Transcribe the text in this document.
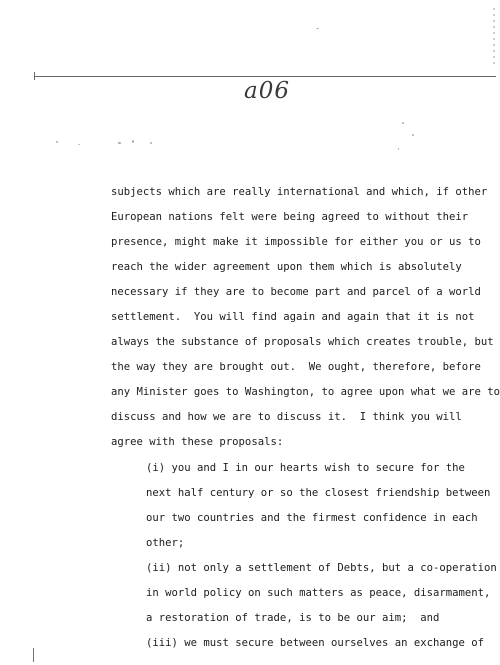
a06
subjects which are really international and which, if other
European nations felt were being agreed to without their
presence, might make it impossible for either you or us to
reach the wider agreement upon them which is absolutely
necessary if they are to become part and parcel of a world
settlement.  You will find again and again that it is not
always the substance of proposals which creates trouble, but
the way they are brought out.  We ought, therefore, before
any Minister goes to Washington, to agree upon what we are to
discuss and how we are to discuss it.  I think you will
agree with these proposals:
(i) you and I in our hearts wish to secure for the
next half century or so the closest friendship between
our two countries and the firmest confidence in each
other;
(ii) not only a settlement of Debts, but a co-operation
in world policy on such matters as peace, disarmament,
a restoration of trade, is to be our aim;  and
(iii) we must secure between ourselves an exchange of
